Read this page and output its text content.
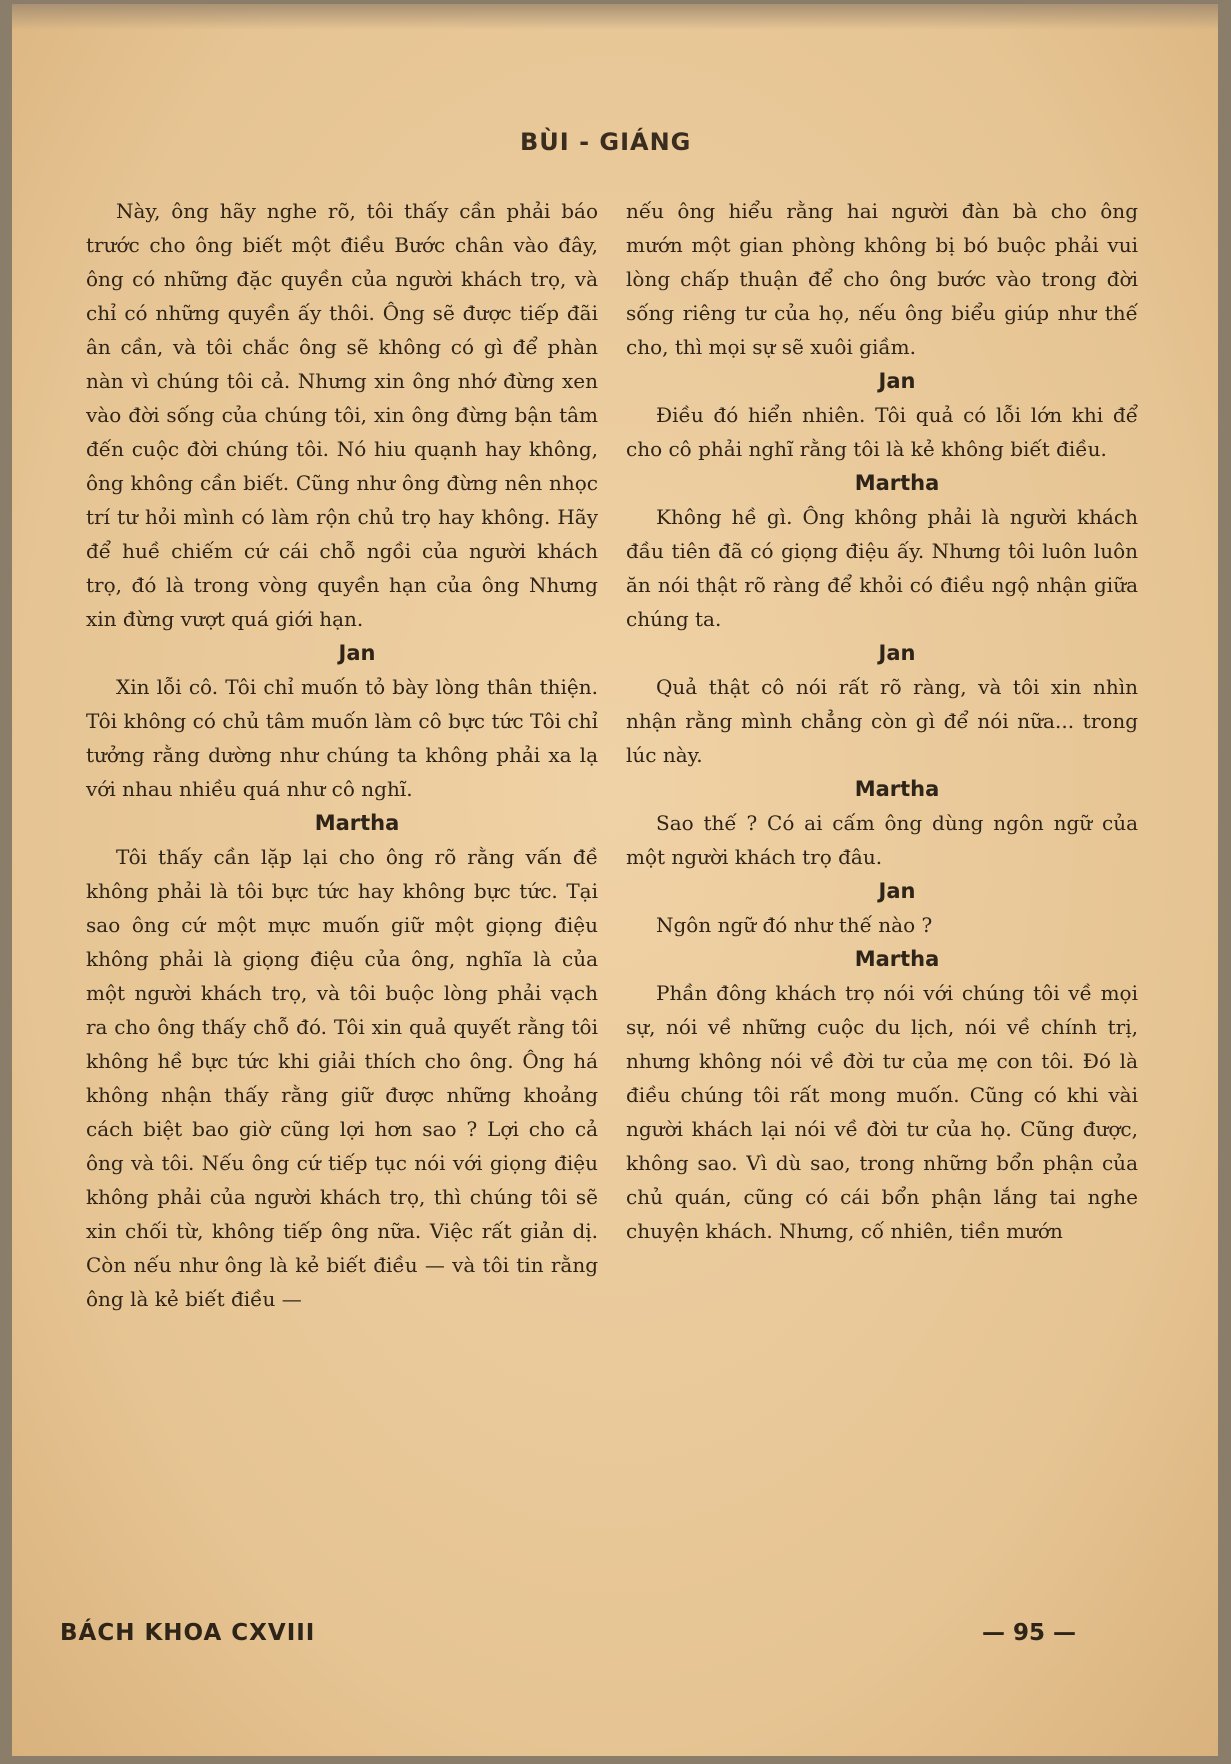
BÙI - GIÁNG

Này, ông hãy nghe rõ, tôi thấy cần phải báo trước cho ông biết một điều Bước chân vào đây, ông có những đặc quyền của người khách trọ, và chỉ có những quyền ấy thôi. Ông sẽ được tiếp đãi ân cần, và tôi chắc ông sẽ không có gì để phàn nàn vì chúng tôi cả. Nhưng xin ông nhớ đừng xen vào đời sống của chúng tôi, xin ông đừng bận tâm đến cuộc đời chúng tôi. Nó hiu quạnh hay không, ông không cần biết. Cũng như ông đừng nên nhọc trí tư hỏi mình có làm rộn chủ trọ hay không. Hãy để huề chiếm cứ cái chỗ ngồi của người khách trọ, đó là trong vòng quyền hạn của ông Nhưng xin đừng vượt quá giới hạn.

Jan

Xin lỗi cô. Tôi chỉ muốn tỏ bày lòng thân thiện. Tôi không có chủ tâm muốn làm cô bực tức Tôi chỉ tưởng rằng dường như chúng ta không phải xa lạ với nhau nhiều quá như cô nghĩ.

Martha

Tôi thấy cần lặp lại cho ông rõ rằng vấn đề không phải là tôi bực tức hay không bực tức. Tại sao ông cứ một mực muốn giữ một giọng điệu không phải là giọng điệu của ông, nghĩa là của một người khách trọ, và tôi buộc lòng phải vạch ra cho ông thấy chỗ đó. Tôi xin quả quyết rằng tôi không hề bực tức khi giải thích cho ông. Ông há không nhận thấy rằng giữ được những khoảng cách biệt bao giờ cũng lợi hơn sao ? Lợi cho cả ông và tôi. Nếu ông cứ tiếp tục nói với giọng điệu không phải của người khách trọ, thì chúng tôi sẽ xin chối từ, không tiếp ông nữa. Việc rất giản dị. Còn nếu như ông là kẻ biết điều — và tôi tin rằng ông là kẻ biết điều —

nếu ông hiểu rằng hai người đàn bà cho ông mướn một gian phòng không bị bó buộc phải vui lòng chấp thuận để cho ông bước vào trong đời sống riêng tư của họ, nếu ông biểu giúp như thế cho, thì mọi sự sẽ xuôi giầm.

Jan

Điều đó hiển nhiên. Tôi quả có lỗi lớn khi để cho cô phải nghĩ rằng tôi là kẻ không biết điều.

Martha

Không hề gì. Ông không phải là người khách đầu tiên đã có giọng điệu ấy. Nhưng tôi luôn luôn ăn nói thật rõ ràng để khỏi có điều ngộ nhận giữa chúng ta.

Jan

Quả thật cô nói rất rõ ràng, và tôi xin nhìn nhận rằng mình chẳng còn gì để nói nữa... trong lúc này.

Martha

Sao thế ? Có ai cấm ông dùng ngôn ngữ của một người khách trọ đâu.

Jan

Ngôn ngữ đó như thế nào ?

Martha

Phần đông khách trọ nói với chúng tôi về mọi sự, nói về những cuộc du lịch, nói về chính trị, nhưng không nói về đời tư của mẹ con tôi. Đó là điều chúng tôi rất mong muốn. Cũng có khi vài người khách lại nói về đời tư của họ. Cũng được, không sao. Vì dù sao, trong những bổn phận của chủ quán, cũng có cái bổn phận lắng tai nghe chuyện khách. Nhưng, cố nhiên, tiền mướn

BÁCH KHOA CXVIII	— 95 —
